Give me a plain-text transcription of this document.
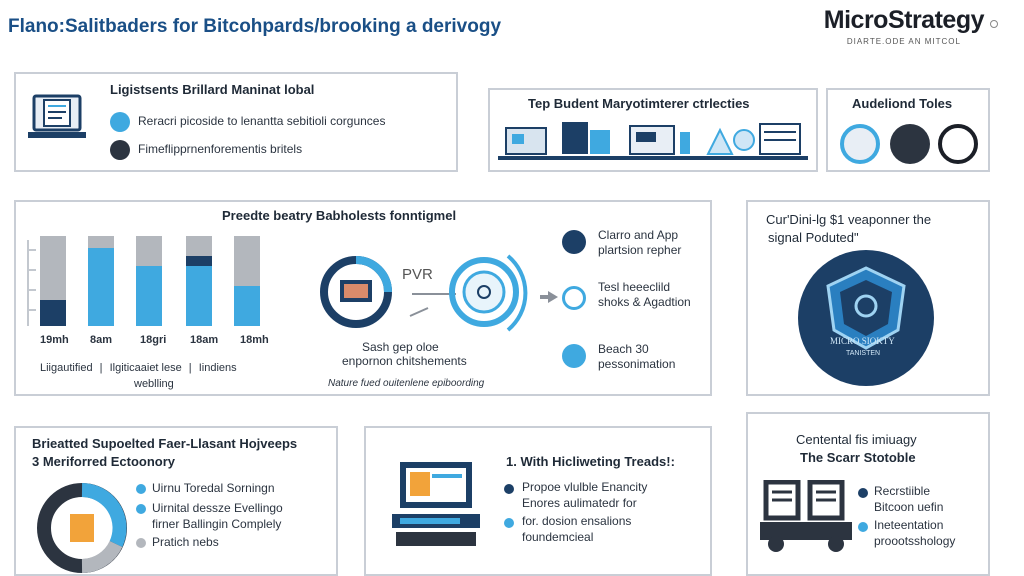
Flano:Salitbaders for Bitcohpards/brooking a derivogy	MicroStrategy
DIARTE.ODE AN MITCOL
Ligistsents Brillard Maninat lobal
Reracri picoside to lenantta sebitioli corgunces
Fimeflipprnenforementis britels
Tep Budent Maryotimterer ctrlecties	Audeliond Toles
Preedte beatry Babholests fonntigmel
19mh 8am	18gri 18am 18mh
Liigautified | Ilgiticaaiet lese | Iindiens
weblling
PVR
Sash gep oloe
enpornon chitshements
Nature fued ouitenlene epiboording
Clarro and App
plartsion repher
Tesl heeeclild
shoks & Agadtion
Beach 30
pessonimation
Cur'Dini-lg $1 veaponner the
signal Poduted"
MICRO SIOKTY
TANISTEN
Brieatted Supoelted Faer-Llasant Hojveeps
3 Meriforred Ectoonory
Uirnu Toredal Sorningn
Uirnital dessze Evellingo
firner Ballingin Complely
Pratich nebs
1. With Hicliweting Treads!:
Propoe vlulble Enancity
Enores aulimatedr for
for. dosion ensalions
foundemcieal
Centental fis imiuagy
The Scarr Stotoble
Recrstiible
Bitcoon uefin
Ineteentation
proootsshology
